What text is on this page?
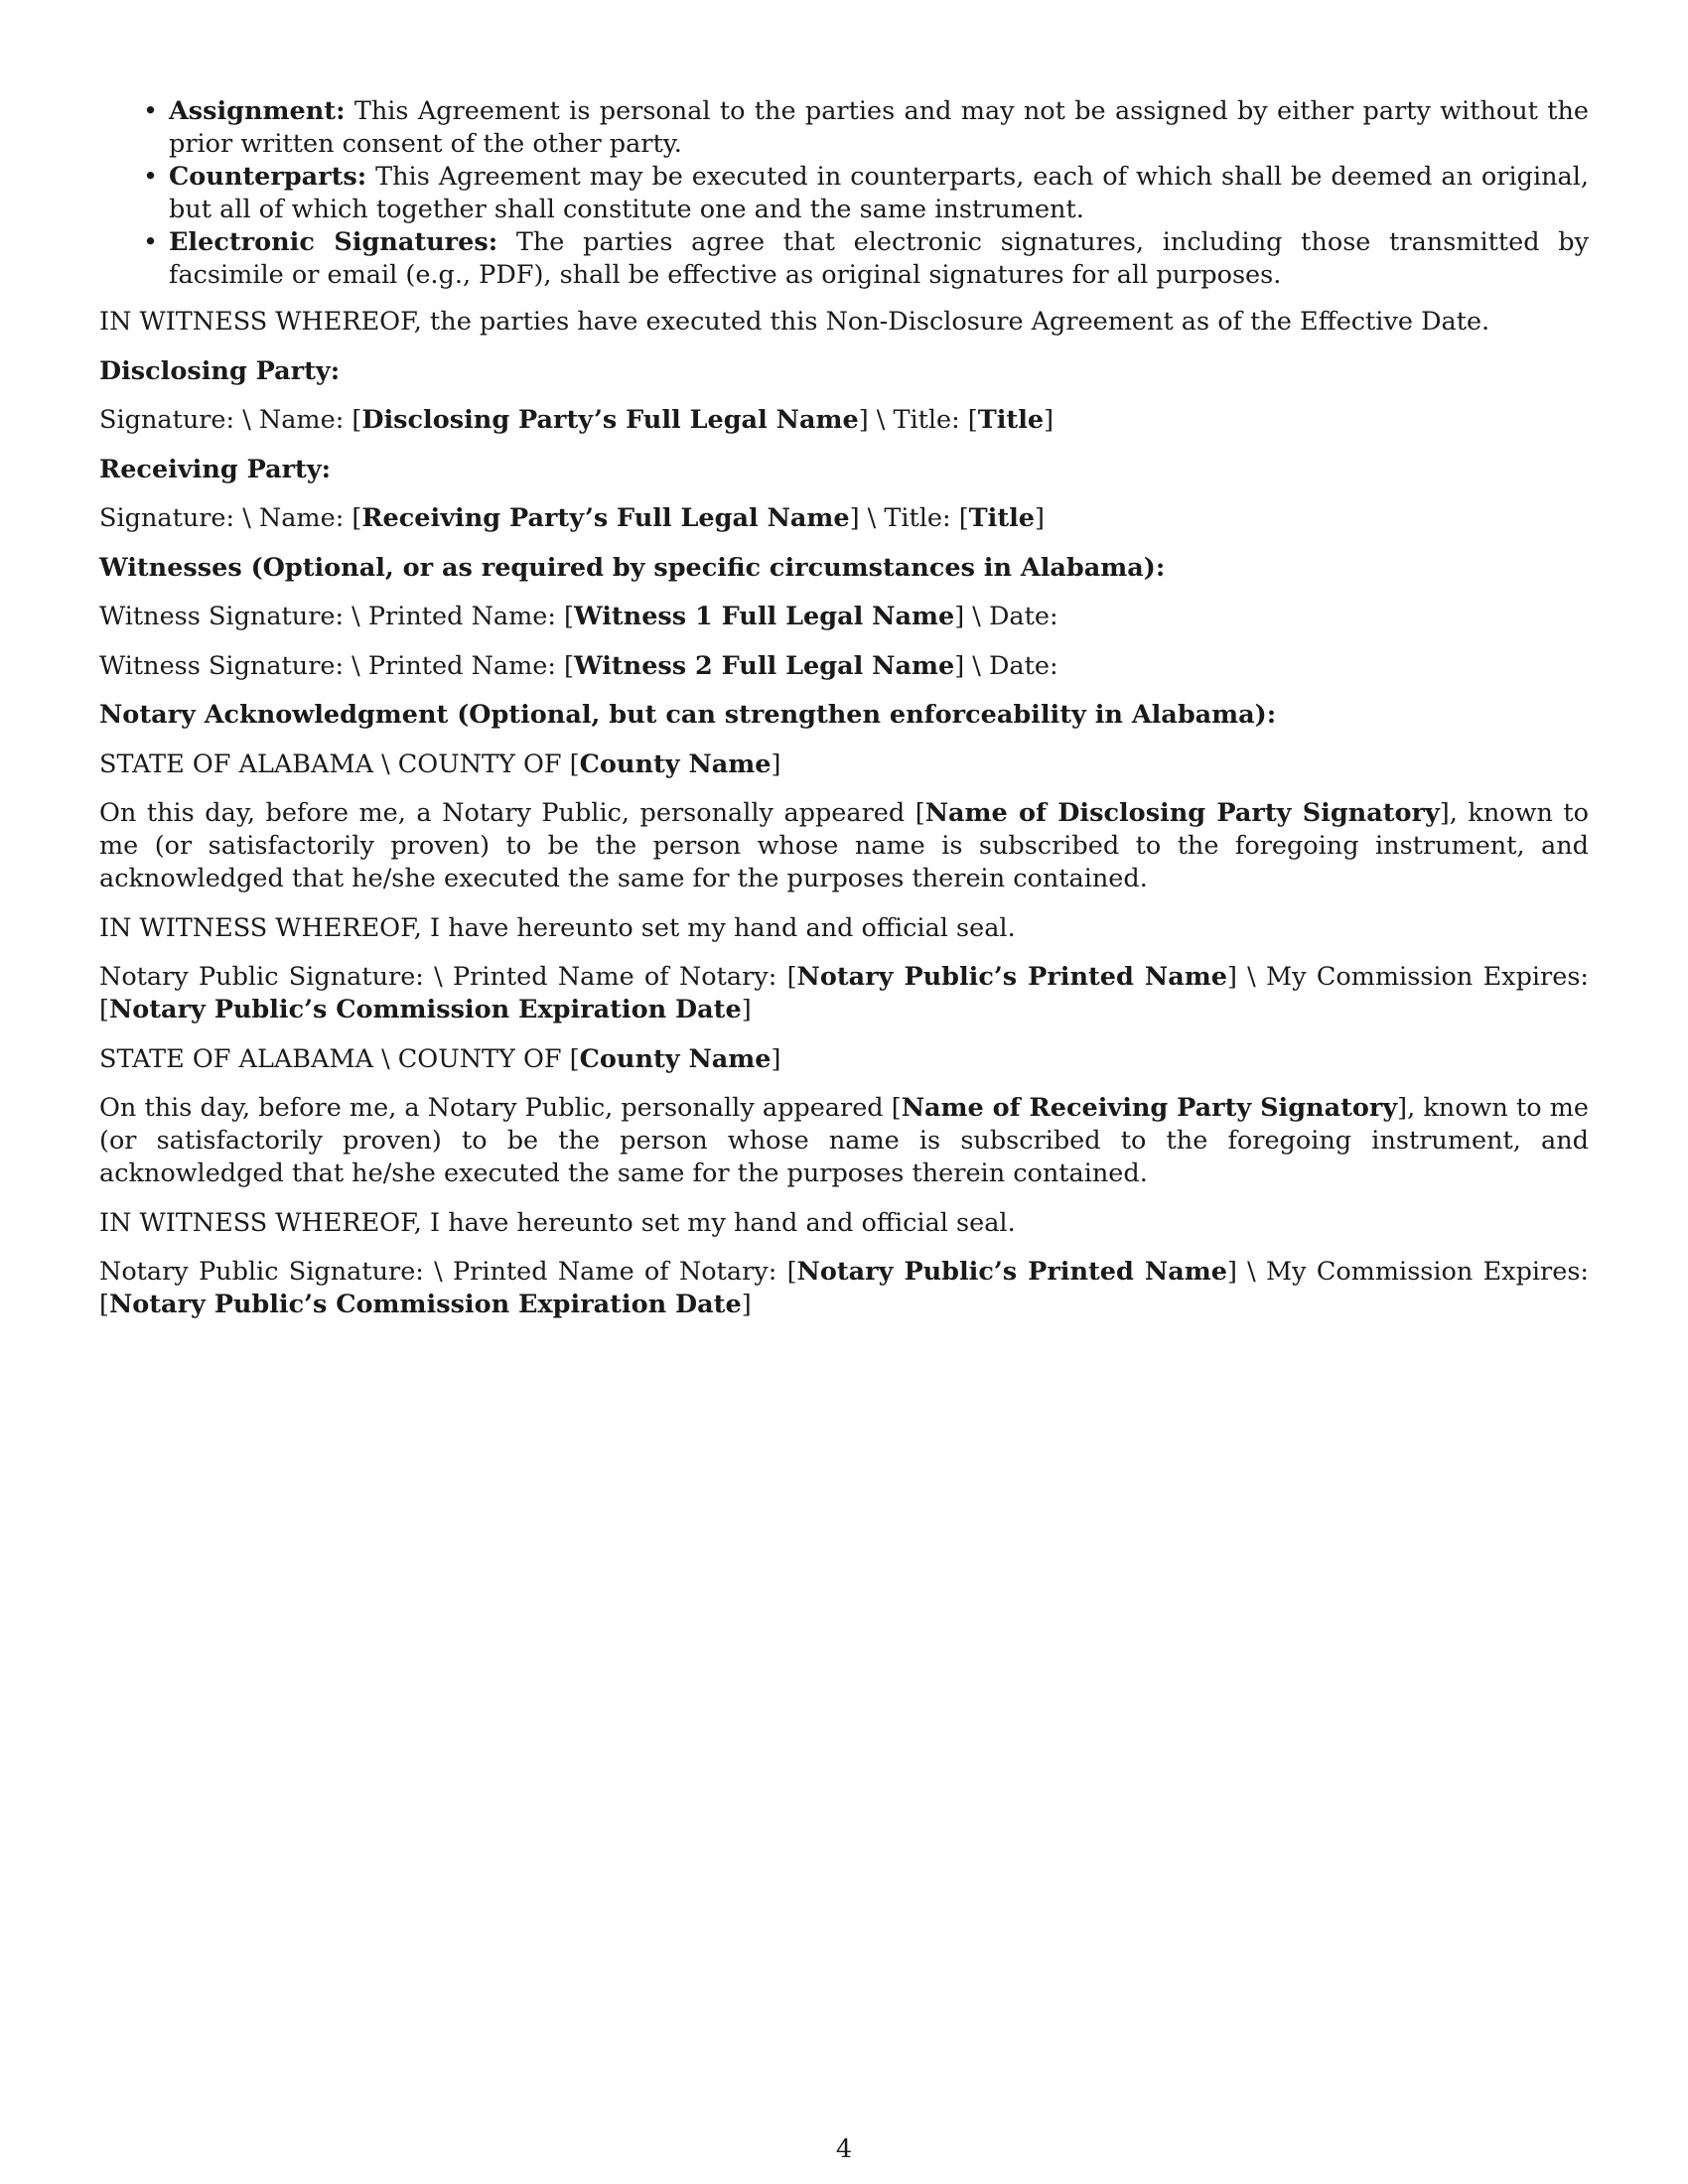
• Assignment: This Agreement is personal to the parties and may not be assigned by either party without the prior written consent of the other party.
• Counterparts: This Agreement may be executed in counterparts, each of which shall be deemed an original, but all of which together shall constitute one and the same instrument.
• Electronic Signatures: The parties agree that electronic signatures, including those transmitted by facsimile or email (e.g., PDF), shall be effective as original signatures for all purposes.

IN WITNESS WHEREOF, the parties have executed this Non-Disclosure Agreement as of the Effective Date.

Disclosing Party:

Signature: \ Name: [Disclosing Party’s Full Legal Name] \ Title: [Title]

Receiving Party:

Signature: \ Name: [Receiving Party’s Full Legal Name] \ Title: [Title]

Witnesses (Optional, or as required by specific circumstances in Alabama):

Witness Signature: \ Printed Name: [Witness 1 Full Legal Name] \ Date:

Witness Signature: \ Printed Name: [Witness 2 Full Legal Name] \ Date:

Notary Acknowledgment (Optional, but can strengthen enforceability in Alabama):

STATE OF ALABAMA \ COUNTY OF [County Name]

On this day, before me, a Notary Public, personally appeared [Name of Disclosing Party Signatory], known to me (or satisfactorily proven) to be the person whose name is subscribed to the foregoing instrument, and acknowledged that he/she executed the same for the purposes therein contained.

IN WITNESS WHEREOF, I have hereunto set my hand and official seal.

Notary Public Signature: \ Printed Name of Notary: [Notary Public’s Printed Name] \ My Commission Expires: [Notary Public’s Commission Expiration Date]

STATE OF ALABAMA \ COUNTY OF [County Name]

On this day, before me, a Notary Public, personally appeared [Name of Receiving Party Signatory], known to me (or satisfactorily proven) to be the person whose name is subscribed to the foregoing instrument, and acknowledged that he/she executed the same for the purposes therein contained.

IN WITNESS WHEREOF, I have hereunto set my hand and official seal.

Notary Public Signature: \ Printed Name of Notary: [Notary Public’s Printed Name] \ My Commission Expires: [Notary Public’s Commission Expiration Date]

4
